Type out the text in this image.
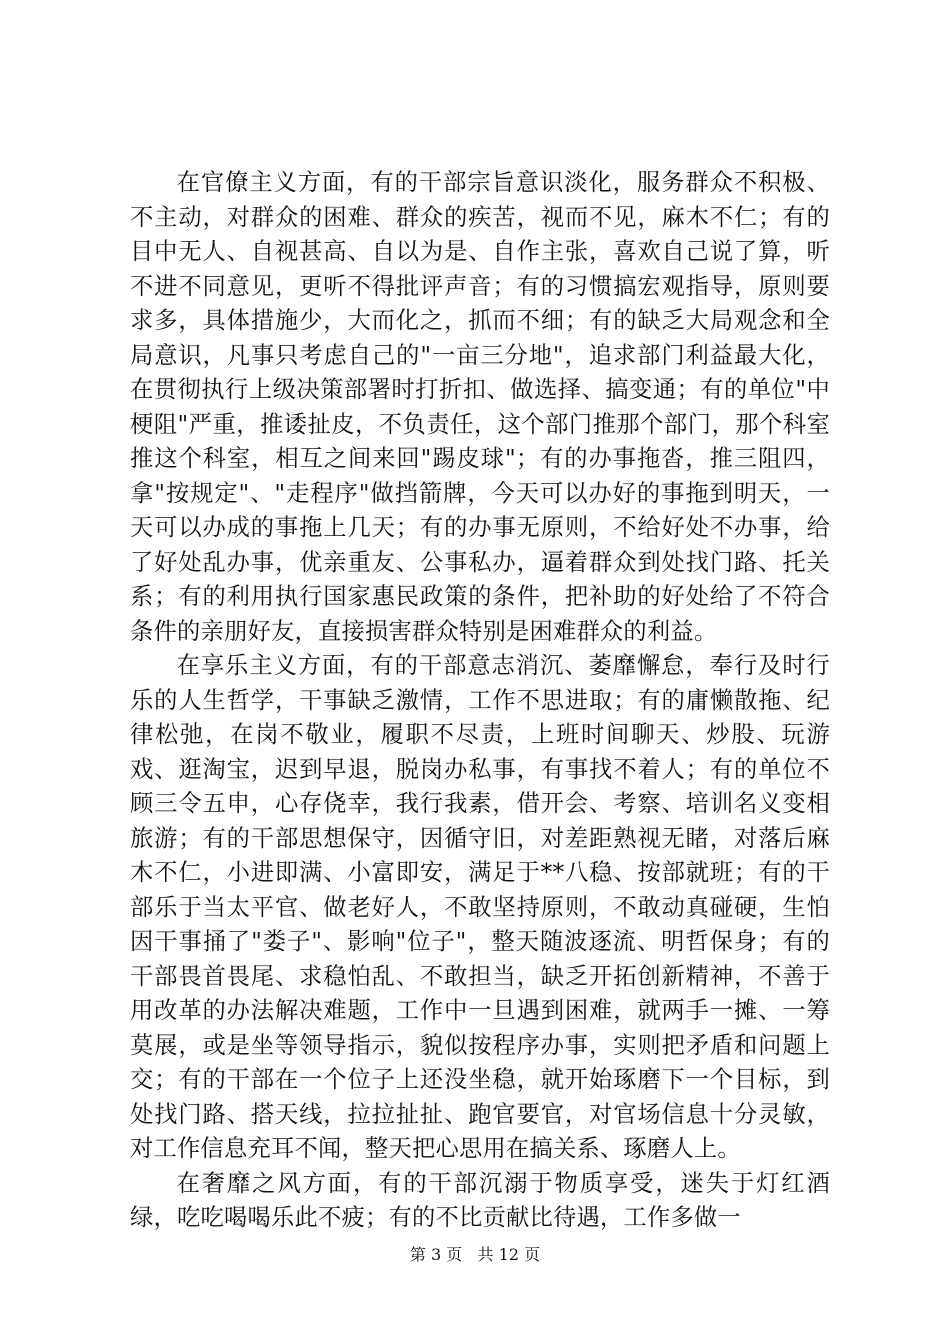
在官僚主义方面，有的干部宗旨意识淡化，服务群众不积极、不主动，对群众的困难、群众的疾苦，视而不见，麻木不仁；有的目中无人、自视甚高、自以为是、自作主张，喜欢自己说了算，听不进不同意见，更听不得批评声音；有的习惯搞宏观指导，原则要求多，具体措施少，大而化之，抓而不细；有的缺乏大局观念和全局意识，凡事只考虑自己的"一亩三分地"，追求部门利益最大化，在贯彻执行上级决策部署时打折扣、做选择、搞变通；有的单位"中梗阻"严重，推诿扯皮，不负责任，这个部门推那个部门，那个科室推这个科室，相互之间来回"踢皮球"；有的办事拖沓，推三阻四，拿"按规定"、"走程序"做挡箭牌，今天可以办好的事拖到明天，一天可以办成的事拖上几天；有的办事无原则，不给好处不办事，给了好处乱办事，优亲重友、公事私办，逼着群众到处找门路、托关系；有的利用执行国家惠民政策的条件，把补助的好处给了不符合条件的亲朋好友，直接损害群众特别是困难群众的利益。

在享乐主义方面，有的干部意志消沉、萎靡懈怠，奉行及时行乐的人生哲学，干事缺乏激情，工作不思进取；有的庸懒散拖、纪律松弛，在岗不敬业，履职不尽责，上班时间聊天、炒股、玩游戏、逛淘宝，迟到早退，脱岗办私事，有事找不着人；有的单位不顾三令五申，心存侥幸，我行我素，借开会、考察、培训名义变相旅游；有的干部思想保守，因循守旧，对差距熟视无睹，对落后麻木不仁，小进即满、小富即安，满足于**八稳、按部就班；有的干部乐于当太平官、做老好人，不敢坚持原则，不敢动真碰硬，生怕因干事捅了"娄子"、影响"位子"，整天随波逐流、明哲保身；有的干部畏首畏尾、求稳怕乱、不敢担当，缺乏开拓创新精神，不善于用改革的办法解决难题，工作中一旦遇到困难，就两手一摊、一筹莫展，或是坐等领导指示，貌似按程序办事，实则把矛盾和问题上交；有的干部在一个位子上还没坐稳，就开始琢磨下一个目标，到处找门路、搭天线，拉拉扯扯、跑官要官，对官场信息十分灵敏，对工作信息充耳不闻，整天把心思用在搞关系、琢磨人上。

在奢靡之风方面，有的干部沉溺于物质享受，迷失于灯红酒绿，吃吃喝喝乐此不疲；有的不比贡献比待遇，工作多做一

第 3 页 共 12 页
